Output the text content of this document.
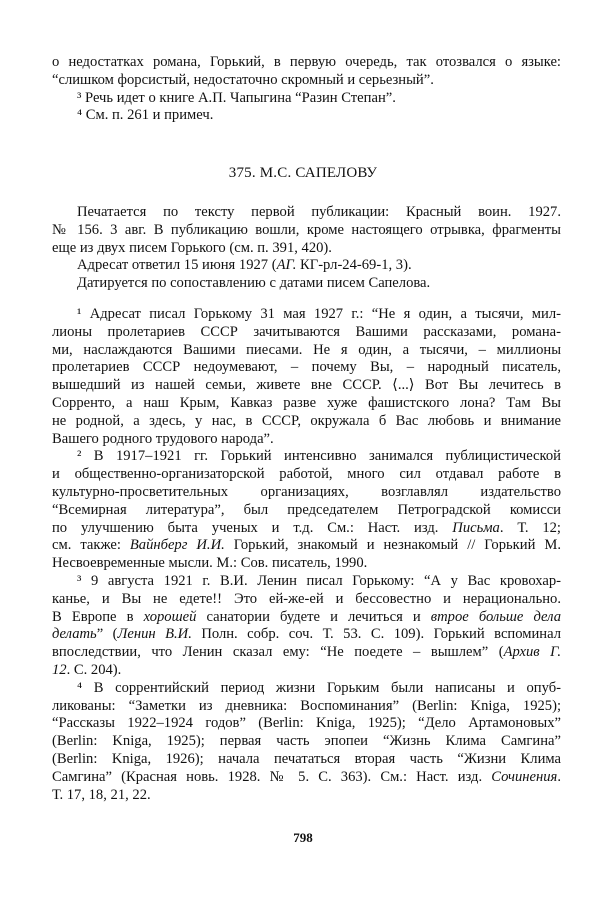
о недостатках романа, Горький, в первую очередь, так отозвался о языке:
“слишком форсистый, недостаточно скромный и серьезный”.
³ Речь идет о книге А.П. Чапыгина “Разин Степан”.
⁴ См. п. 261 и примеч.
375. М.С. САПЕЛОВУ
Печатается по тексту первой публикации: Красный воин. 1927.
№ 156. 3 авг. В публикацию вошли, кроме настоящего отрывка, фрагменты
еще из двух писем Горького (см. п. 391, 420).
Адресат ответил 15 июня 1927 (АГ. КГ-рл-24-69-1, 3).
Датируется по сопоставлению с датами писем Сапелова.
¹ Адресат писал Горькому 31 мая 1927 г.: “Не я один, а тысячи, мил-
лионы пролетариев СССР зачитываются Вашими рассказами, романа-
ми, наслаждаются Вашими пиесами. Не я один, а тысячи, – миллионы
пролетариев СССР недоумевают, – почему Вы, – народный писатель,
вышедший из нашей семьи, живете вне СССР. ⟨...⟩ Вот Вы лечитесь в
Сорренто, а наш Крым, Кавказ разве хуже фашистского лона? Там Вы
не родной, а здесь, у нас, в СССР, окружала б Вас любовь и внимание
Вашего родного трудового народа”.
² В 1917–1921 гг. Горький интенсивно занимался публицистической
и общественно-организаторской работой, много сил отдавал работе в
культурно-просветительных организациях, возглавлял издательство
“Всемирная литература”, был председателем Петроградской комисси
по улучшению быта ученых и т.д. См.: Наст. изд. Письма. Т. 12;
см. также: Вайнберг И.И. Горький, знакомый и незнакомый // Горький М.
Несвоевременные мысли. М.: Сов. писатель, 1990.
³ 9 августа 1921 г. В.И. Ленин писал Горькому: “А у Вас кровохар-
канье, и Вы не едете!! Это ей-же-ей и бессовестно и нерационально.
В Европе в хорошей санатории будете и лечиться и втрое больше дела
делать” (Ленин В.И. Полн. собр. соч. Т. 53. С. 109). Горький вспоминал
впоследствии, что Ленин сказал ему: “Не поедете – вышлем” (Архив Г.
12. С. 204).
⁴ В соррентийский период жизни Горьким были написаны и опуб-
ликованы: “Заметки из дневника: Воспоминания” (Berlin: Kniga, 1925);
“Рассказы 1922–1924 годов” (Berlin: Kniga, 1925); “Дело Артамоновых”
(Berlin: Kniga, 1925); первая часть эпопеи “Жизнь Клима Самгина”
(Berlin: Kniga, 1926); начала печататься вторая часть “Жизни Клима
Самгина” (Красная новь. 1928. № 5. С. 363). См.: Наст. изд. Сочинения.
Т. 17, 18, 21, 22.
798
